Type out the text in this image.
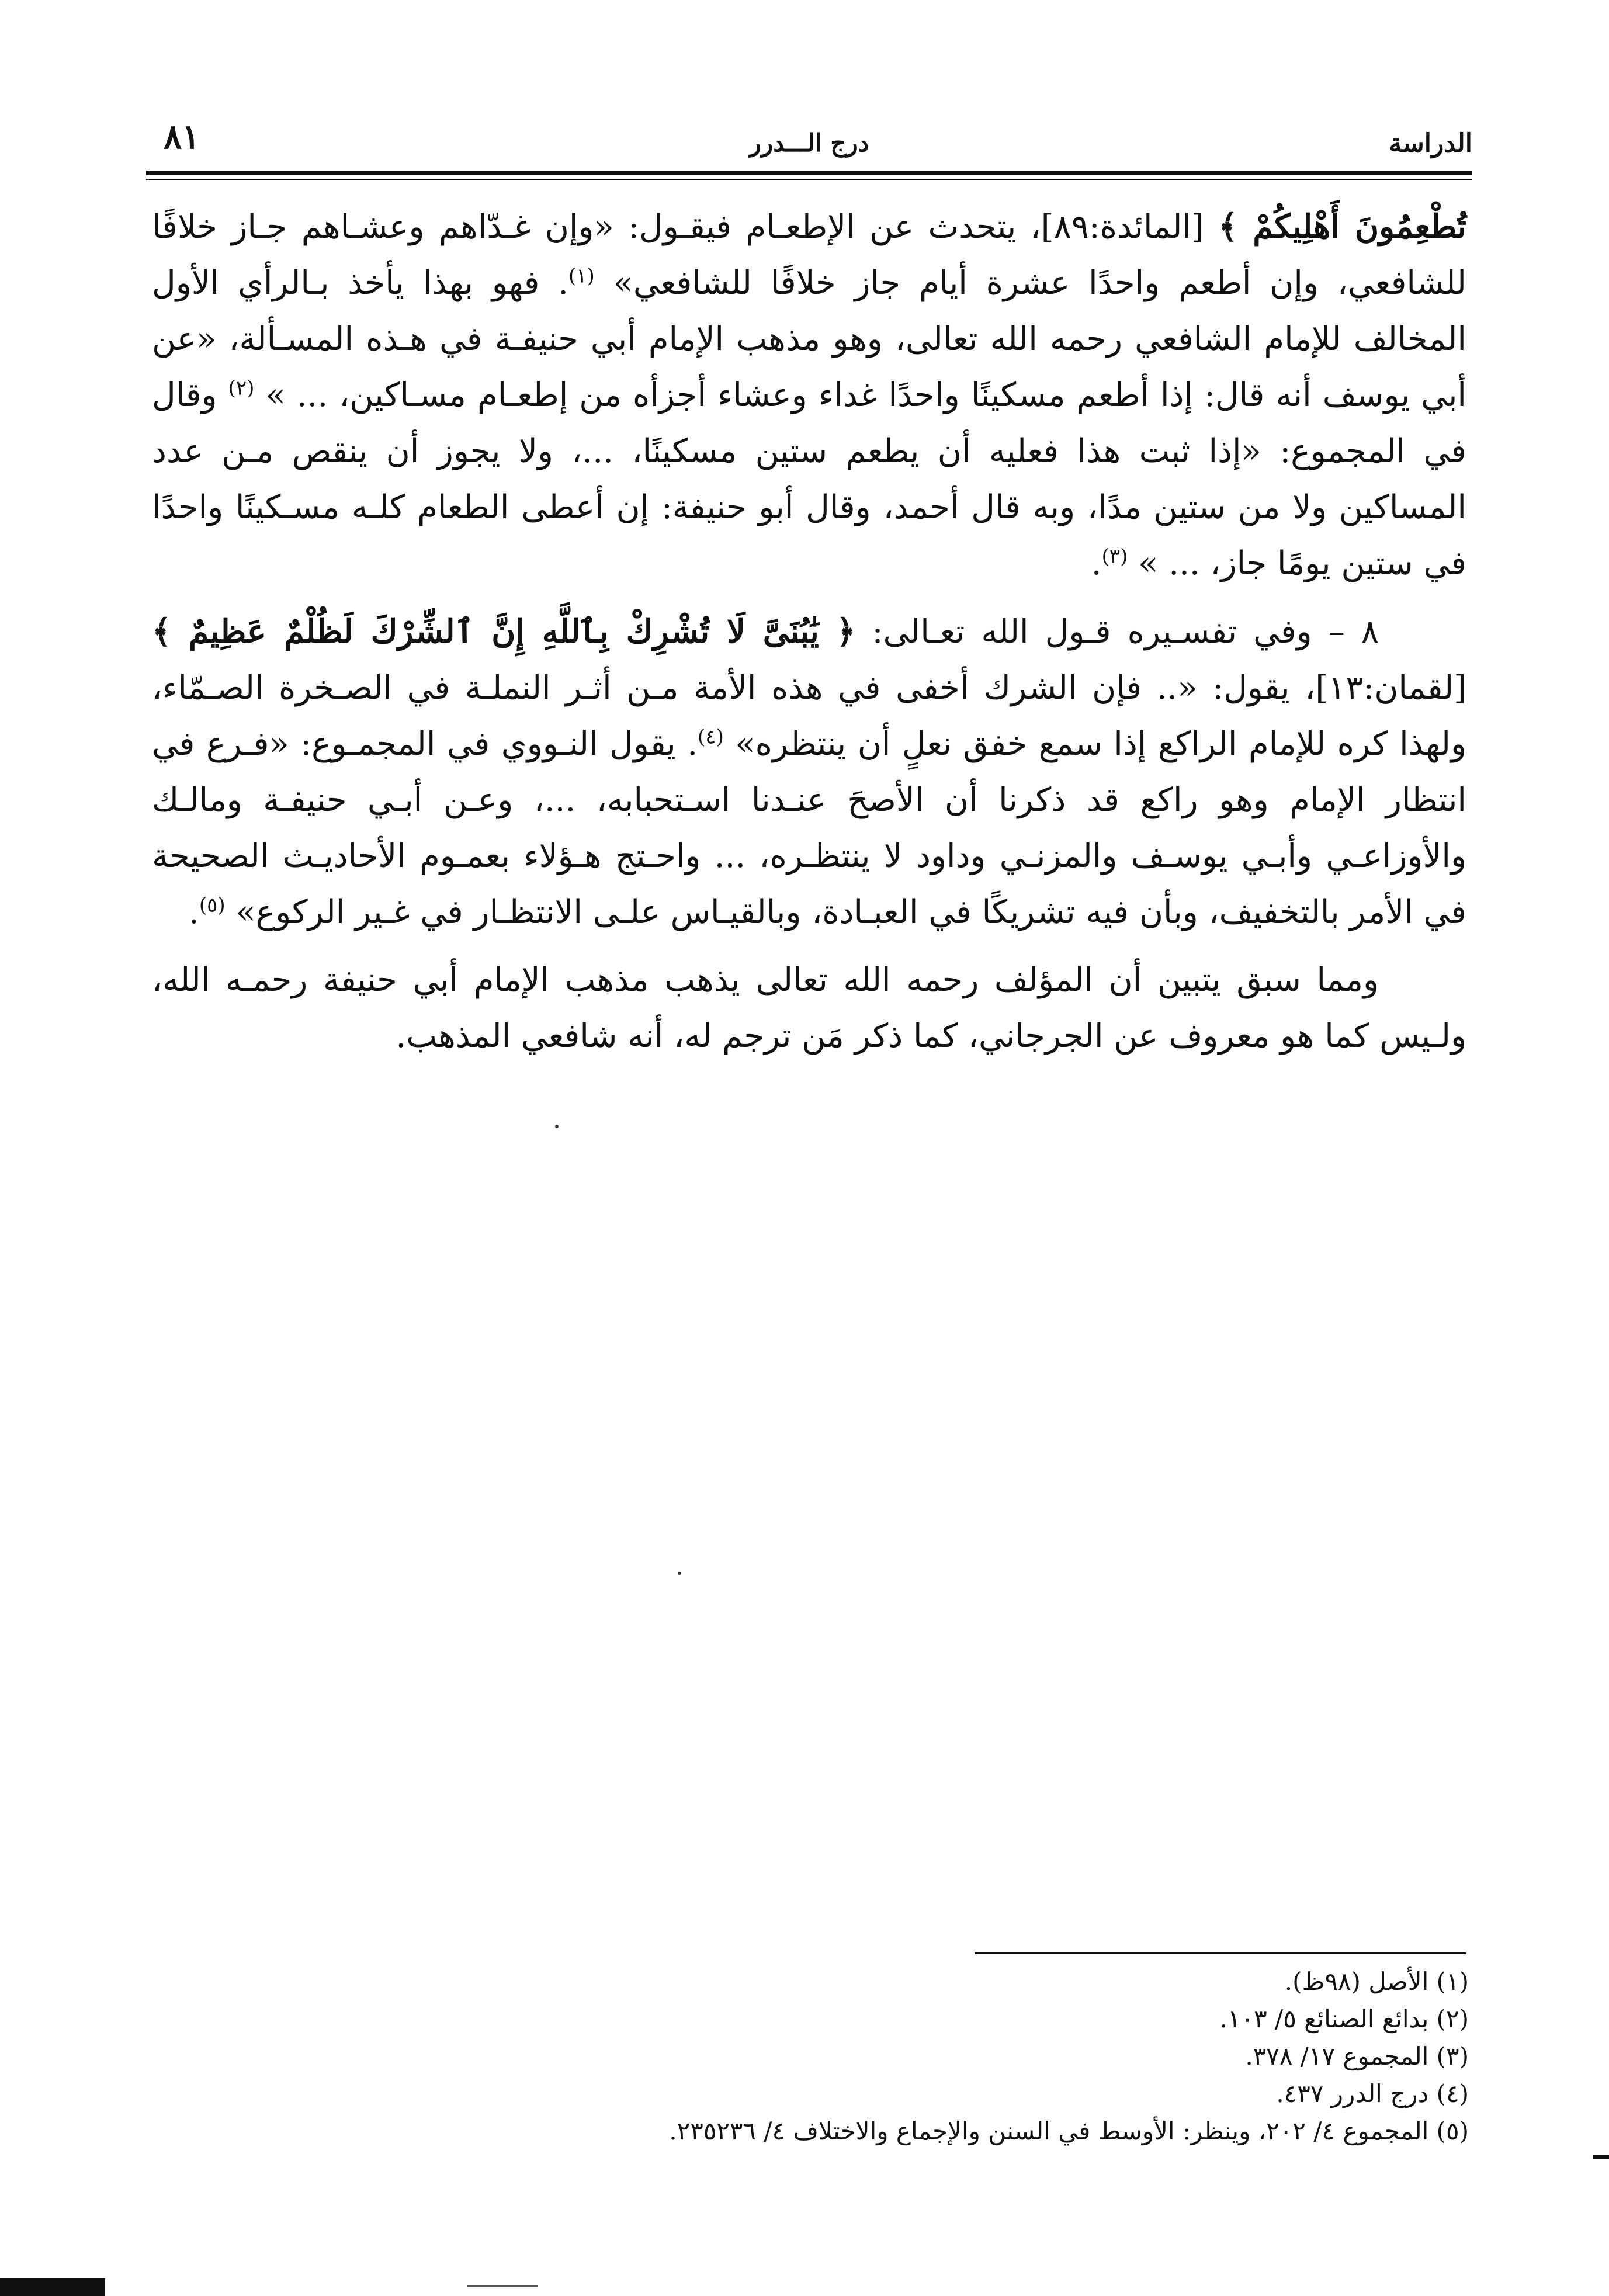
الدراسة
درج الـــدرر
٨١

تُطْعِمُونَ أَهْلِيكُمْ ﴾ [المائدة:٨٩]، يتحدث عن الإطعـام فيقـول: «وإن غـدّاهم وعشـاهم جـاز خلافًا للشافعي، وإن أطعم واحدًا عشرة أيام جاز خلافًا للشافعي» $^{(١)}$. فهو بهذا يأخذ بـالرأي الأول المخالف للإمام الشافعي رحمه الله تعالى، وهو مذهب الإمام أبي حنيفـة في هـذه المسـألة، «عن أبي يوسف أنه قال: إذا أطعم مسكينًا واحدًا غداء وعشاء أجزأه من إطعـام مسـاكين، ... » $^{(٢)}$ وقال في المجموع: «إذا ثبت هذا فعليه أن يطعم ستين مسكينًا، ...، ولا يجوز أن ينقص مـن عدد المساكين ولا من ستين مدًا، وبه قال أحمد، وقال أبو حنيفة: إن أعطى الطعام كلـه مسـكينًا واحدًا في ستين يومًا جاز، ... » $^{(٣)}$.

٨ – وفي تفسـيره قـول الله تعـالى: ﴿ يَٰبُنَىَّ لَا تُشْرِكْ بِٱللَّهِ إِنَّ ٱلشِّرْكَ لَظُلْمٌ عَظِيمٌ ﴾ [لقمان:١٣]، يقول: «.. فإن الشرك أخفى في هذه الأمة مـن أثـر النملـة في الصـخرة الصـمّاء، ولهذا كره للإمام الراكع إذا سمع خفق نعلٍ أن ينتظره» $^{(٤)}$. يقول النـووي في المجمـوع: «فـرع في انتظار الإمام وهو راكع قد ذكرنا أن الأصحَ عنـدنا اسـتحبابه، ...، وعـن أبـي حنيفـة ومالـك والأوزاعـي وأبـي يوسـف والمزنـي وداود لا ينتظـره، ... واحـتج هـؤلاء بعمـوم الأحاديـث الصحيحة في الأمر بالتخفيف، وبأن فيه تشريكًا في العبـادة، وبالقيـاس علـى الانتظـار في غـير الركوع» $^{(٥)}$.

ومما سبق يتبين أن المؤلف رحمه الله تعالى يذهب مذهب الإمام أبي حنيفة رحمـه الله، ولـيس كما هو معروف عن الجرجاني، كما ذكر مَن ترجم له، أنه شافعي المذهب.

(١) الأصل (٩٨ظ).

(٢) بدائع الصنائع ٥/ ١٠٣.

(٣) المجموع ١٧/ ٣٧٨.

(٤) درج الدرر ٤٣٧.

(٥) المجموع ٤/ ٢٠٢، وينظر: الأوسط في السنن والإجماع والاختلاف ٤/ ٢٣٥٢٣٦.
